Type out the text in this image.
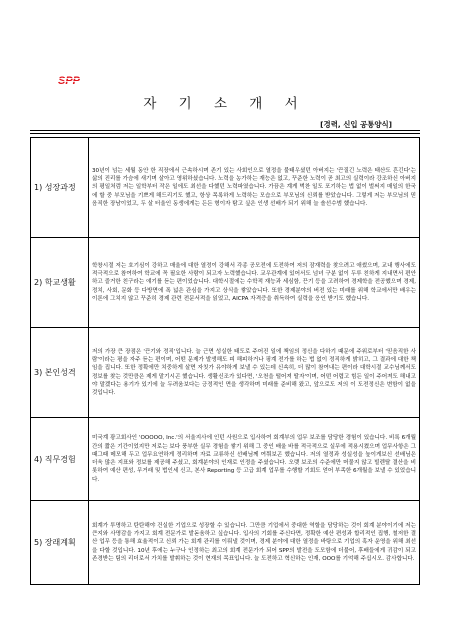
SPP
자 기 소 개 서
[경력, 신입 공통양식]
1) 성장과정	30년이 넘는 세월 동안 한 직장에서 근속하시며 존기 있는 사회인으로 열정을 불태우셨던 아버지는 '끈질긴 노력은 태산도 흔긴다'는 삶의 진리를 가슴에 새기며 살아고 영위하셨습니다. 노력을 농가하는 재능은 없고, 꾸준한 노력이 곧 최고의 실력이라 강조하신 아버지의 평일처럼 저는 일학부터 작은 일에도 최선을 다했던 노력파였습니다. 가끔은 계게 벅찬 일도 포기하는 법 없이 벌써지 매일의 한국에 할 중 부모님을 기쁘게 해드리기도 했고, 항상 목록하게 노력하는 모습으로 부모님의 신뢰를 받았습니다. 그렇게 저는 부모님의 믿음직한 장남이었고, 두 살 터울인 동생에게는 든든 형이자 탐고 싶은 인생 선배가 되기 위해 늘 솔선수범 했습니다.
2) 학교생활	학창시절 저는 호기심이 강하고 매울에 대한 열정이 강해서 각종 공모전에 도전하여 저의 잠재력을 찾으려고 애썼으며, 교내 행사에도 적극적으로 참여하여 학교에 꼭 필요한 사람이 되고자 노력했습니다. 교우관계에 있어서도 넘녀 구분 없이 두루 친하게 지내면서 편안하고 즐거한 친구라는 얘기를 듣는 편이었습니다. 대학시절에는 수학적 재능과 세심함, 끈기 등을 고려하여 경제학을 전공했으며 경제, 정치, 사회, 문화 등 다방면에 폭 넓은 관심을 가지고 상식을 쌓았습니다. 또한 경제분야의 버전 있는 미래를 위해 학교에서만 배우는 이론에 그치지 않고 꾸준히 경제 관련 전문서적을 읽었고, AICPA 자격증을 취득하여 실력을 응인 받기도 했습니다.
3) 본인성격	저의 가장 큰 장점은 '끈기와 정직'입니다. 늘 근면 성실한 태도로 주어진 일에 책임의 정신을 다하기 때문에 주위로부터 '믿음직한 사람'이라는 평을 자주 듣는 편이며, 어떤 문제가 발생해도 피 해피하거나 핑계 전가를 하는 법 없이 정직하게 밝히고, 그 결과에 대한 책임을 집니다. 또한 정확에만 치중하게 살면 자칫가 유야하게 보낼 수 있는데 신속히, 더 많이 참여내는 편이라 대학시절 교수님께서도 정보를 찾는 것만큼은 제게 맡기시곤 했습니다. 생활신조가 있다면, '오천을 떨어져 딸자'이며, 어떤 어렵고 힘든 일이 주어져도 해내고야 말겠다는 용기가 있기에 늘 두려움보다는 긍정적인 면을 생각하며 미래를 준비해 왔고, 앞으로도 저의 이 도전정신은 변함이 없을 것입니다.
4) 직무경험	미국계 광고회사인 'OOOOO, Inc.'의 서울지사에 인턴 사원으로 입사하여 회계부의 업무 보조를 담당한 경험이 있습니다. 비록 6개월간의 짧은 기간이었지만 저로는 보다 풍부한 실무 경험을 쌓기 위해 그 중인 배울 바를 적극적으로 실무에 적용시켰으며 업무사항은 그때그때 메모해 두고 업무요연하게 정리하며 자료 교류하신 선배님께 여쭤보곤 했습니다. 저의 열정과 성실성을 높이게보신 선배님은 더욱 많은 지표와 정보를 제공해 주셨고, 회계분야의 인재로 인정을 주셨습니다. 오랫 보조의 수준에만 머물지 않고 빌렌탈 결산을 비롯하여 예산 편성, 무거래 및 법인세 신고, 본사 Reporting 등 고급 회계 업무를 수행할 기회도 얻어 부족한 6개월을 보낼 수 있었습니다.
5) 장래계획	회계가 투명하고 탄탄해야 건실한 기업으로 성장할 수 있습니다. 그만큼 기업에서 중대한 역할을 담당하는 것이 회계 분야이기에 저는 큰지와 사명감을 가지고 회계 전문가로 발돋움하고 싶습니다. 입사의 기회를 주신다면, 정확한 예산 편성과 합리적인 집행, 철저한 결산 업무 등을 통해 효율적이고 신뢰 가는 회계 관리를 이뤄낼 것이며, 경제 분야에 대한 열정을 바탕으로 기업의 혹자 운영을 위해 최선을 다할 것입니다. 10년 후에는 누구나 인정하는 최고의 회계 전문가가 되어 SPP의 발전을 도모함에 더불어, 후배들에게 귀감이 되고 존경받는 팀의 리더로서 가치를 발휘하는 것이 현재의 목표입니다. 늘 도전하고 혁신하는 인재, OOO를 기억해 주십시오. 감사합니다.
